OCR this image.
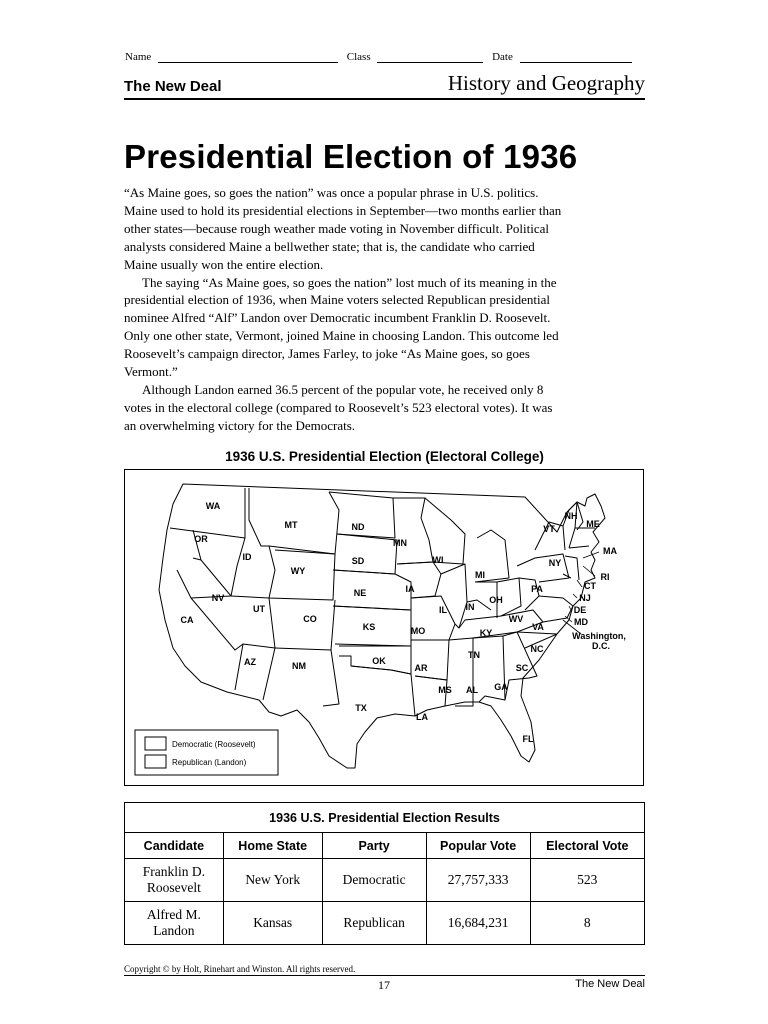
Name	Class	Date
The New Deal	History and Geography
Presidential Election of 1936

“As Maine goes, so goes the nation” was once a popular phrase in U.S. politics. Maine used to hold its presidential elections in September—two months earlier than other states—because rough weather made voting in November difficult. Political analysts considered Maine a bellwether state; that is, the candidate who carried Maine usually won the entire election.

The saying “As Maine goes, so goes the nation” lost much of its meaning in the presidential election of 1936, when Maine voters selected Republican presidential nominee Alfred “Alf” Landon over Democratic incumbent Franklin D. Roosevelt. Only one other state, Vermont, joined Maine in choosing Landon. This outcome led Roosevelt’s campaign director, James Farley, to joke “As Maine goes, so goes Vermont.”

Although Landon earned 36.5 percent of the popular vote, he received only 8 votes in the electoral college (compared to Roosevelt’s 523 electoral votes). It was an overwhelming victory for the Democrats.

1936 U.S. Presidential Election (Electoral College)
WA
OR
CA
NV
ID
MT
WY
UT
CO
AZ	NM
ND
SD
NE
KS
OK
TX
MN
IA
MO
AR
LA
WI
IL
MS
MI
IN
OH
KY
TN
AL GA
FL
SC
NC
VA
WV
PA
NY
VT
NH
ME
MA
RI
CT
NJ
DE
MD
Washington,
D.C.
Democratic (Roosevelt)
Republican (Landon)
1936 U.S. Presidential Election Results				
Candidate	Home State	Party	Popular Vote	Electoral Vote
Franklin D.
Roosevelt	New York	Democratic	27,757,333	523
Alfred M.
Landon	Kansas	Republican	16,684,231	8
Copyright © by Holt, Rinehart and Winston. All rights reserved.
17	The New Deal
